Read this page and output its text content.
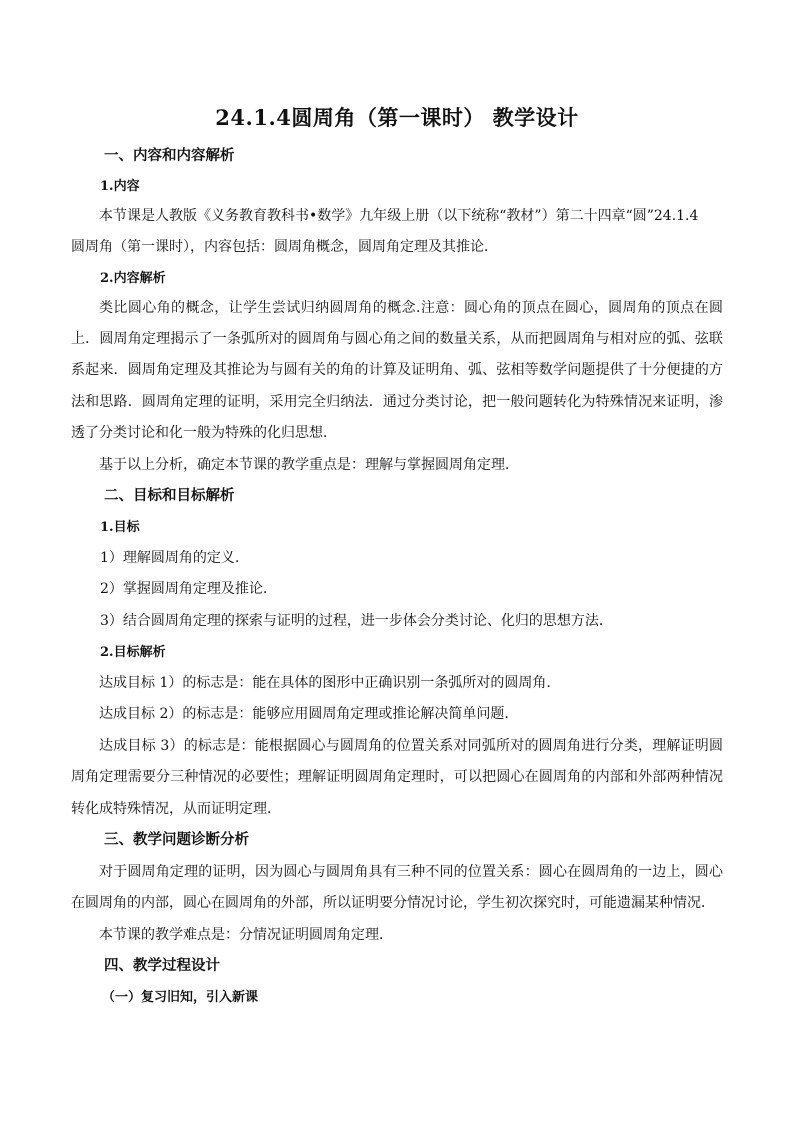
24.1.4圆周角（第一课时） 教学设计
一、内容和内容解析
1.内容
本节课是人教版《义务教育教科书•数学》九年级上册（以下统称“教材”）第二十四章“圆”24.1.4
圆周角（第一课时），内容包括：圆周角概念，圆周角定理及其推论．
2.内容解析
类比圆心角的概念，让学生尝试归纳圆周角的概念.注意：圆心角的顶点在圆心，圆周角的顶点在圆
上．圆周角定理揭示了一条弧所对的圆周角与圆心角之间的数量关系，从而把圆周角与相对应的弧、弦联
系起来．圆周角定理及其推论为与圆有关的角的计算及证明角、弧、弦相等数学问题提供了十分便捷的方
法和思路．圆周角定理的证明，采用完全归纳法．通过分类讨论，把一般问题转化为特殊情况来证明，渗
透了分类讨论和化一般为特殊的化归思想．
基于以上分析，确定本节课的教学重点是：理解与掌握圆周角定理．
二、目标和目标解析
1.目标
1）理解圆周角的定义.
2）掌握圆周角定理及推论.
3）结合圆周角定理的探索与证明的过程，进一步体会分类讨论、化归的思想方法．
2.目标解析
达成目标 1）的标志是：能在具体的图形中正确识别一条弧所对的圆周角.
达成目标 2）的标志是：能够应用圆周角定理或推论解决简单问题.
达成目标 3）的标志是：能根据圆心与圆周角的位置关系对同弧所对的圆周角进行分类，理解证明圆
周角定理需要分三种情况的必要性；理解证明圆周角定理时，可以把圆心在圆周角的内部和外部两种情况
转化成特殊情况，从而证明定理．
三、教学问题诊断分析
对于圆周角定理的证明，因为圆心与圆周角具有三种不同的位置关系：圆心在圆周角的一边上，圆心
在圆周角的内部，圆心在圆周角的外部，所以证明要分情况讨论，学生初次探究时，可能遗漏某种情况．
本节课的教学难点是：分情况证明圆周角定理．
四、教学过程设计
（一）复习旧知，引入新课
